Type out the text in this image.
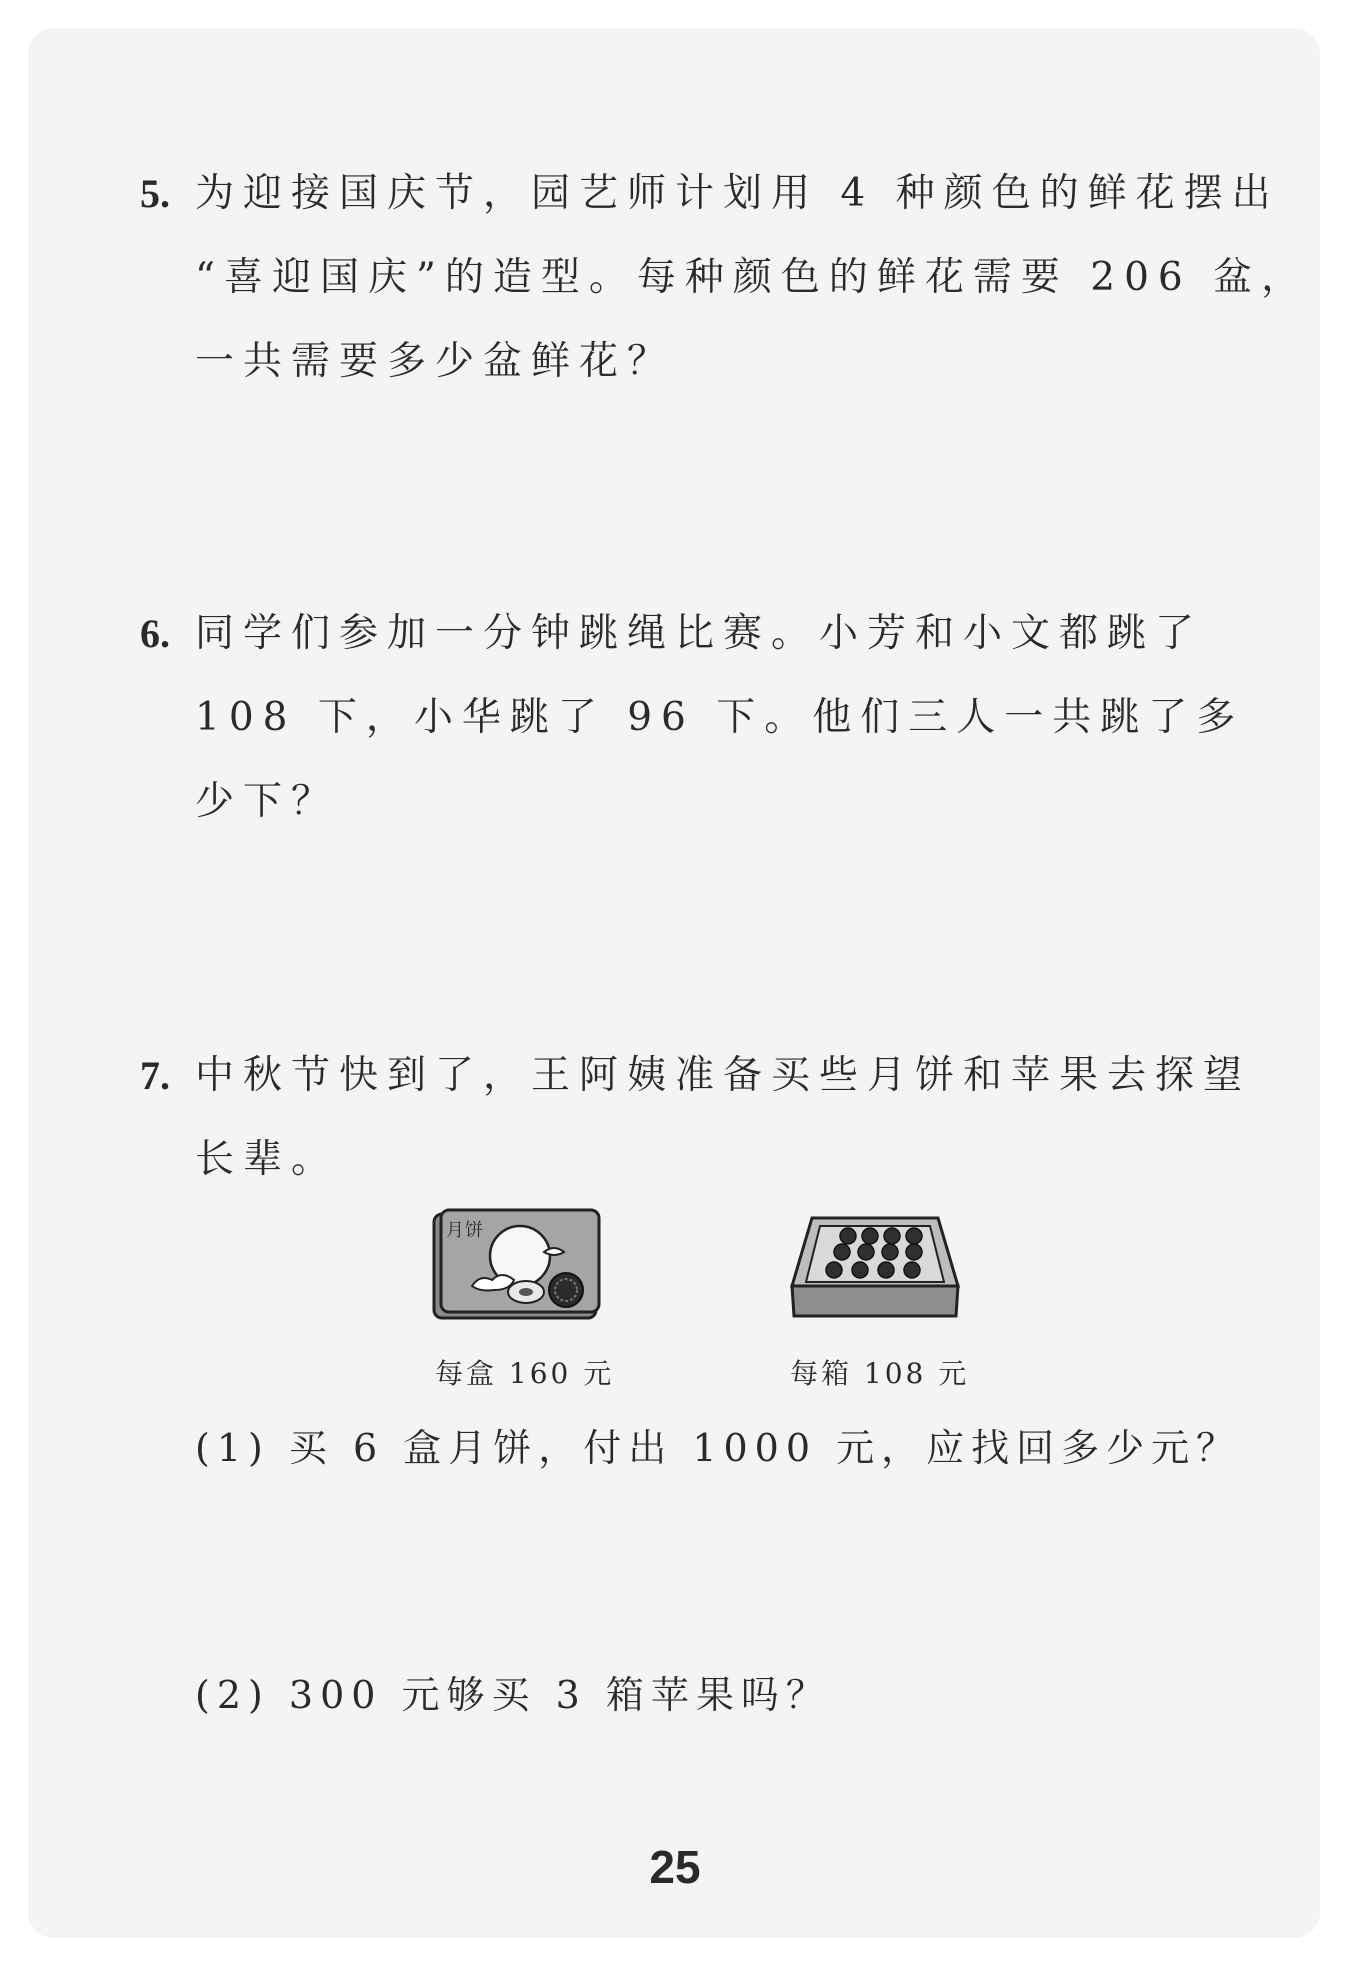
5. 为迎接国庆节，园艺师计划用 4 种颜色的鲜花摆出
“喜迎国庆”的造型。每种颜色的鲜花需要 206 盆，
一共需要多少盆鲜花？
6. 同学们参加一分钟跳绳比赛。小芳和小文都跳了
108 下，小华跳了 96 下。他们三人一共跳了多
少下？
7. 中秋节快到了，王阿姨准备买些月饼和苹果去探望
长辈。
月饼
每盒 160 元	每箱 108 元
(1) 买 6 盒月饼，付出 1000 元，应找回多少元？
(2) 300 元够买 3 箱苹果吗？
25
